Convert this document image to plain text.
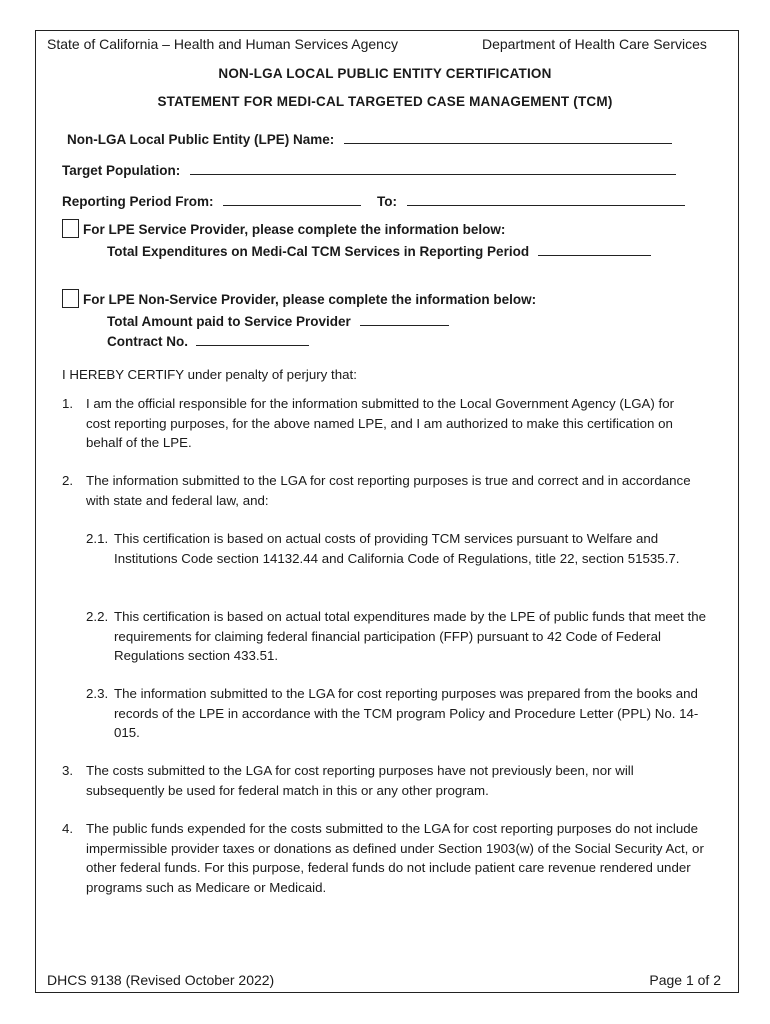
State of California – Health and Human Services Agency	Department of Health Care Services
NON-LGA LOCAL PUBLIC ENTITY CERTIFICATION
STATEMENT FOR MEDI-CAL TARGETED CASE MANAGEMENT (TCM)
Non-LGA Local Public Entity (LPE) Name:
Target Population:
Reporting Period From:	To:
For LPE Service Provider, please complete the information below:
Total Expenditures on Medi-Cal TCM Services in Reporting Period
For LPE Non-Service Provider, please complete the information below:
Total Amount paid to Service Provider
Contract No.
I HEREBY CERTIFY under penalty of perjury that:
1. I am the official responsible for the information submitted to the Local Government Agency (LGA) for cost reporting purposes, for the above named LPE, and I am authorized to make this certification on behalf of the LPE.
2. The information submitted to the LGA for cost reporting purposes is true and correct and in accordance with state and federal law, and:
2.1. This certification is based on actual costs of providing TCM services pursuant to Welfare and Institutions Code section 14132.44 and California Code of Regulations, title 22, section 51535.7.
2.2. This certification is based on actual total expenditures made by the LPE of public funds that meet the requirements for claiming federal financial participation (FFP) pursuant to 42 Code of Federal Regulations section 433.51.
2.3. The information submitted to the LGA for cost reporting purposes was prepared from the books and records of the LPE in accordance with the TCM program Policy and Procedure Letter (PPL) No. 14-015.
3. The costs submitted to the LGA for cost reporting purposes have not previously been, nor will subsequently be used for federal match in this or any other program.
4. The public funds expended for the costs submitted to the LGA for cost reporting purposes do not include impermissible provider taxes or donations as defined under Section 1903(w) of the Social Security Act, or other federal funds. For this purpose, federal funds do not include patient care revenue rendered under programs such as Medicare or Medicaid.
DHCS 9138 (Revised October 2022)	Page 1 of 2
